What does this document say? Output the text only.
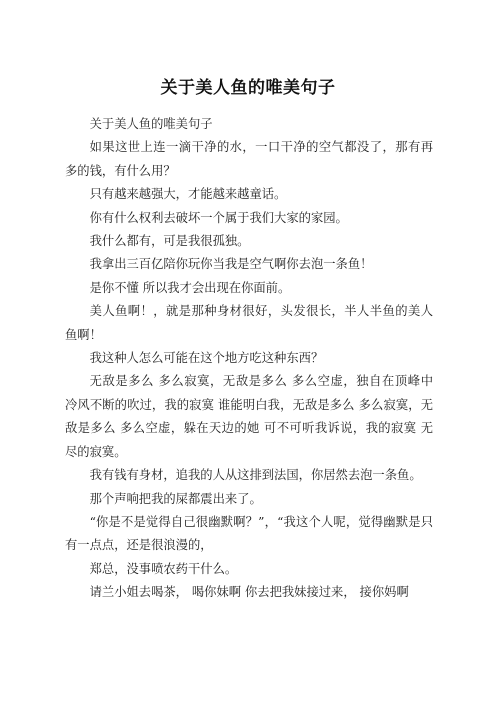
关于美人鱼的唯美句子

关于美人鱼的唯美句子

如果这世上连一滴干净的水，一口干净的空气都没了，那有再多的钱，有什么用？

只有越来越强大，才能越来越童话。

你有什么权利去破坏一个属于我们大家的家园。

我什么都有，可是我很孤独。

我拿出三百亿陪你玩你当我是空气啊你去泡一条鱼！

是你不懂 所以我才会出现在你面前。

美人鱼啊！，就是那种身材很好，头发很长，半人半鱼的美人鱼啊！

我这种人怎么可能在这个地方吃这种东西？

无敌是多么 多么寂寞，无敌是多么 多么空虚，独自在顶峰中 冷风不断的吹过，我的寂寞 谁能明白我，无敌是多么 多么寂寞，无敌是多么 多么空虚，躲在天边的她 可不可听我诉说，我的寂寞 无尽的寂寞。

我有钱有身材，追我的人从这排到法国，你居然去泡一条鱼。

那个声响把我的屎都震出来了。

“你是不是觉得自己很幽默啊？”，“我这个人呢，觉得幽默是只有一点点，还是很浪漫的，

郑总，没事喷农药干什么。

请兰小姐去喝茶， 喝你妹啊 你去把我妹接过来， 接你妈啊
